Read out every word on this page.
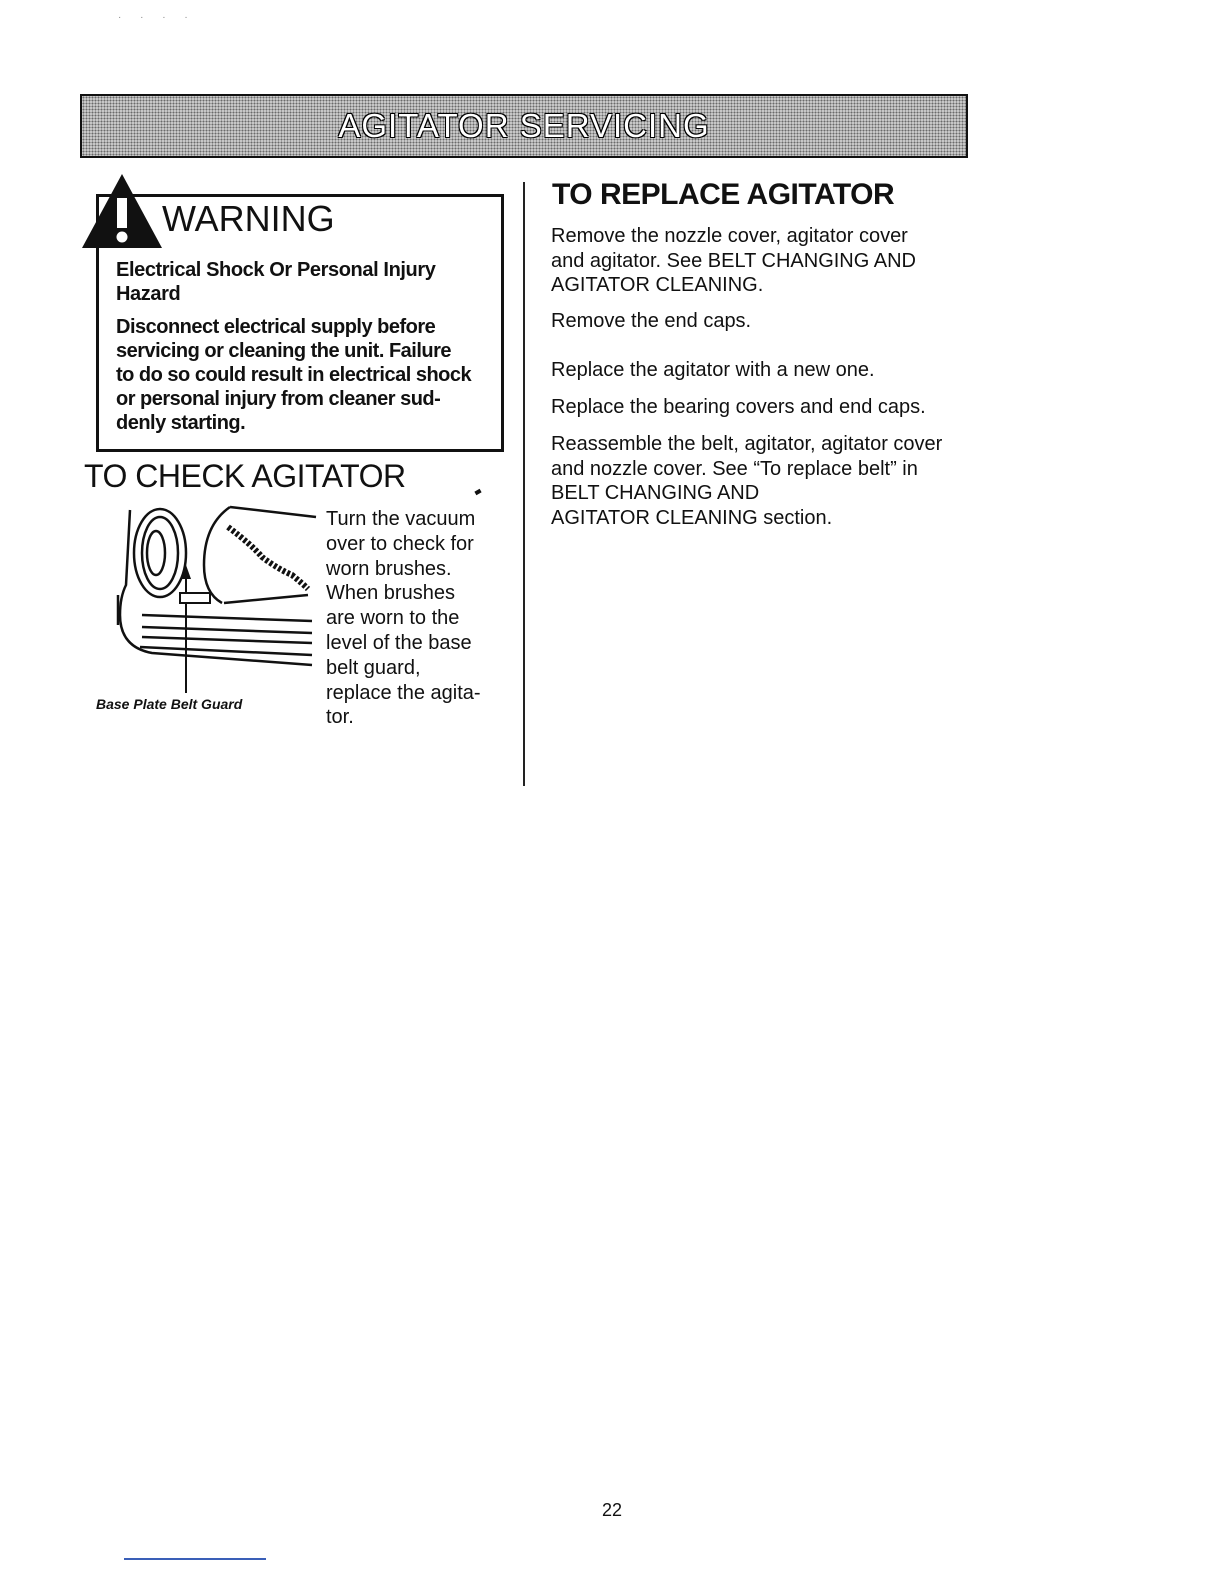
· · · ·
AGITATOR SERVICING
WARNING
Electrical Shock Or Personal Injury
Hazard
Disconnect electrical supply before
servicing or cleaning the unit. Failure
to do so could result in electrical shock
or personal injury from cleaner sud-
denly starting.
TO CHECK AGITATOR
Base Plate Belt Guard
Turn the vacuum
over to check for
worn brushes.
When brushes
are worn to the
level of the base
belt guard,
replace the agita-
tor.
TO REPLACE AGITATOR
Remove the nozzle cover, agitator cover
and agitator. See BELT CHANGING AND
AGITATOR CLEANING.
Remove the end caps.
Replace the agitator with a new one.
Replace the bearing covers and end caps.
Reassemble the belt, agitator, agitator cover
and nozzle cover. See “To replace belt” in
BELT CHANGING AND
AGITATOR CLEANING section.
22
